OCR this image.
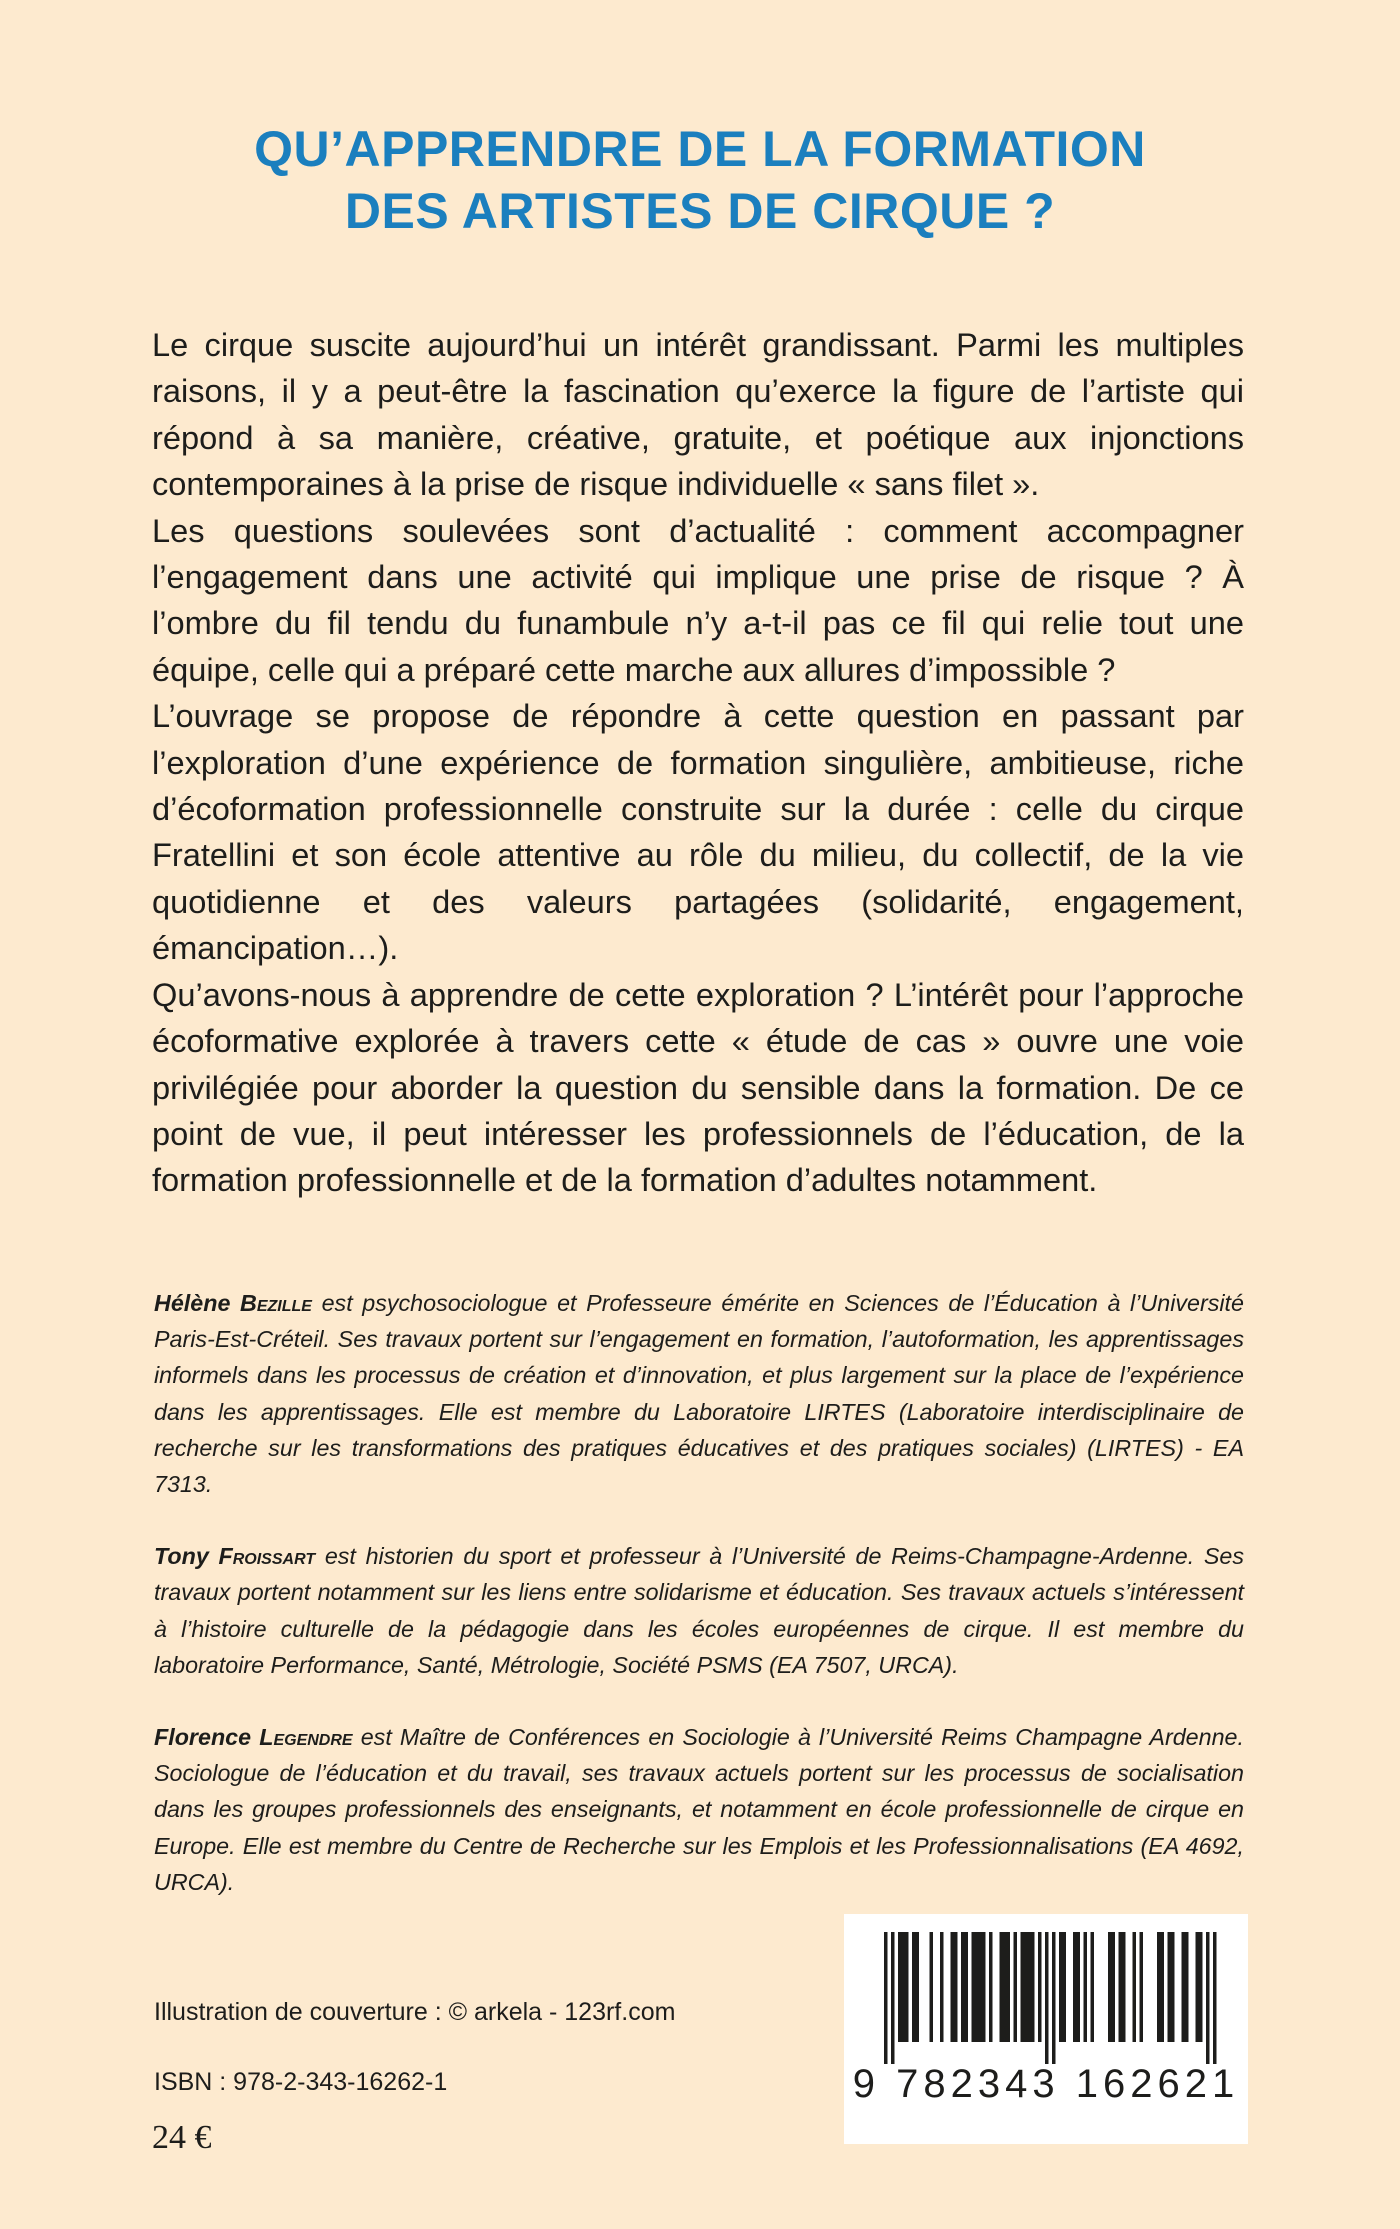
QU’APPRENDRE DE LA FORMATION
DES ARTISTES DE CIRQUE ?

Le cirque suscite aujourd’hui un intérêt grandissant. Parmi les multiples raisons, il y a peut-être la fascination qu’exerce la figure de l’artiste qui répond à sa manière, créative, gratuite, et poétique aux injonctions contemporaines à la prise de risque individuelle « sans filet ».

Les questions soulevées sont d’actualité : comment accompagner l’engagement dans une activité qui implique une prise de risque ? À l’ombre du fil tendu du funambule n’y a-t-il pas ce fil qui relie tout une équipe, celle qui a préparé cette marche aux allures d’impossible ?

L’ouvrage se propose de répondre à cette question en passant par l’exploration d’une expérience de formation singulière, ambitieuse, riche d’écoformation professionnelle construite sur la durée : celle du cirque Fratellini et son école attentive au rôle du milieu, du collectif, de la vie quotidienne et des valeurs partagées (solidarité, engagement, émancipation…).

Qu’avons-nous à apprendre de cette exploration ? L’intérêt pour l’approche écoformative explorée à travers cette « étude de cas » ouvre une voie privilégiée pour aborder la question du sensible dans la formation. De ce point de vue, il peut intéresser les professionnels de l’éducation, de la formation professionnelle et de la formation d’adultes notamment.

Hélène Bezille est psychosociologue et Professeure émérite en Sciences de l’Éducation à l’Université Paris-Est-Créteil. Ses travaux portent sur l’engagement en formation, l’autoformation, les apprentissages informels dans les processus de création et d’innovation, et plus largement sur la place de l’expérience dans les apprentissages. Elle est membre du Laboratoire LIRTES (Laboratoire interdisciplinaire de recherche sur les transformations des pratiques éducatives et des pratiques sociales) (LIRTES) - EA 7313.

Tony Froissart est historien du sport et professeur à l’Université de Reims-Champagne-Ardenne. Ses travaux portent notamment sur les liens entre solidarisme et éducation. Ses travaux actuels s’intéressent à l’histoire culturelle de la pédagogie dans les écoles européennes de cirque. Il est membre du laboratoire Performance, Santé, Métrologie, Société PSMS (EA 7507, URCA).

Florence Legendre est Maître de Conférences en Sociologie à l’Université Reims Champagne Ardenne. Sociologue de l’éducation et du travail, ses travaux actuels portent sur les processus de socialisation dans les groupes professionnels des enseignants, et notamment en école professionnelle de cirque en Europe. Elle est membre du Centre de Recherche sur les Emplois et les Professionnalisations (EA 4692, URCA).

Illustration de couverture : © arkela - 123rf.com
ISBN : 978-2-343-16262-1
24 €
9 782343 162621
